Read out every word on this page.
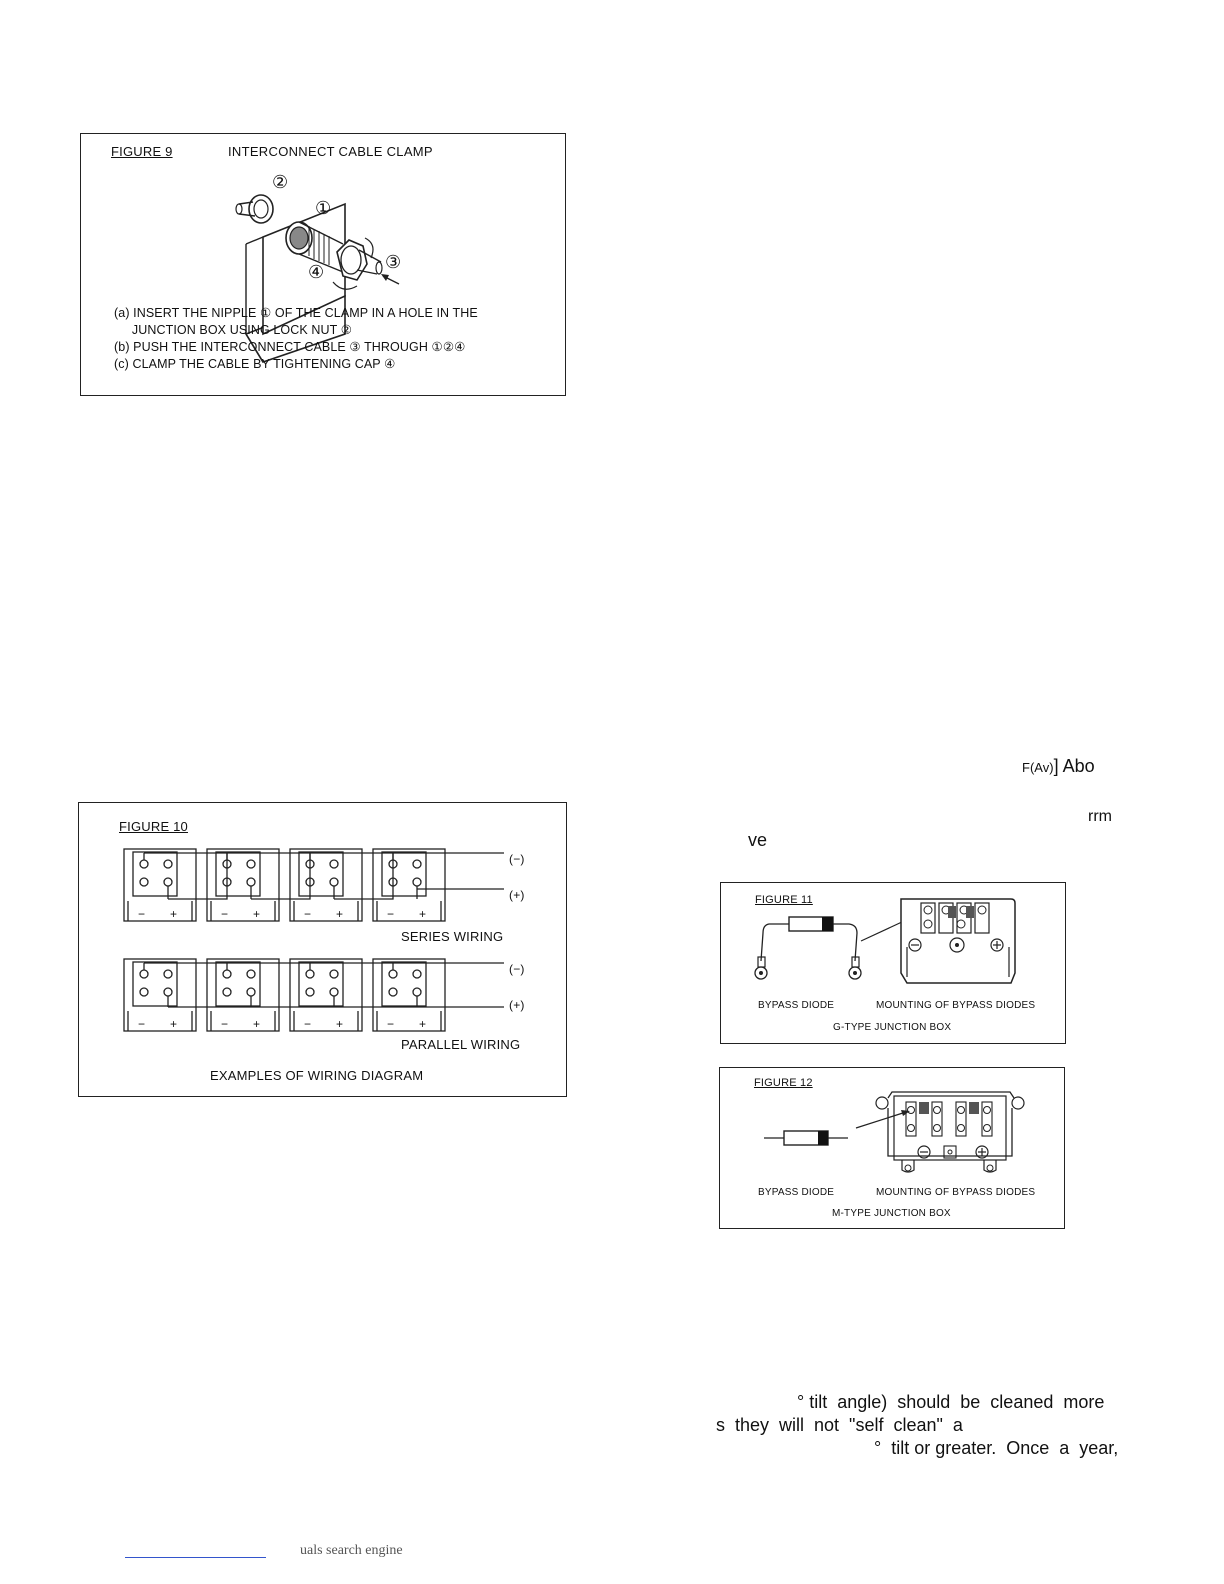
FIGURE 9	INTERCONNECT CABLE CLAMP
②
①
④	③
(a) INSERT THE NIPPLE ① OF THE CLAMP IN A HOLE IN THE
JUNCTION BOX USING LOCK NUT ②
(b) PUSH THE INTERCONNECT CABLE ③ THROUGH ①②④
(c) CLAMP THE CABLE BY TIGHTENING CAP ④
FIGURE 10
(−)
(+)
(−)
(+)
SERIES WIRING
PARALLEL WIRING
EXAMPLES OF WIRING DIAGRAM
− +	− +	− +	− +
− +	− +	− +	− +

F(Av)] Abo

rrm
ve
FIGURE 11
BYPASS DIODE	MOUNTING OF BYPASS DIODES
G-TYPE JUNCTION BOX
FIGURE 12
BYPASS DIODE	MOUNTING OF BYPASS DIODES
M-TYPE JUNCTION BOX
° tilt  angle)  should  be  cleaned  more
s  they  will  not  "self  clean"  a
°  tilt or greater.  Once  a  year,
uals search engine
